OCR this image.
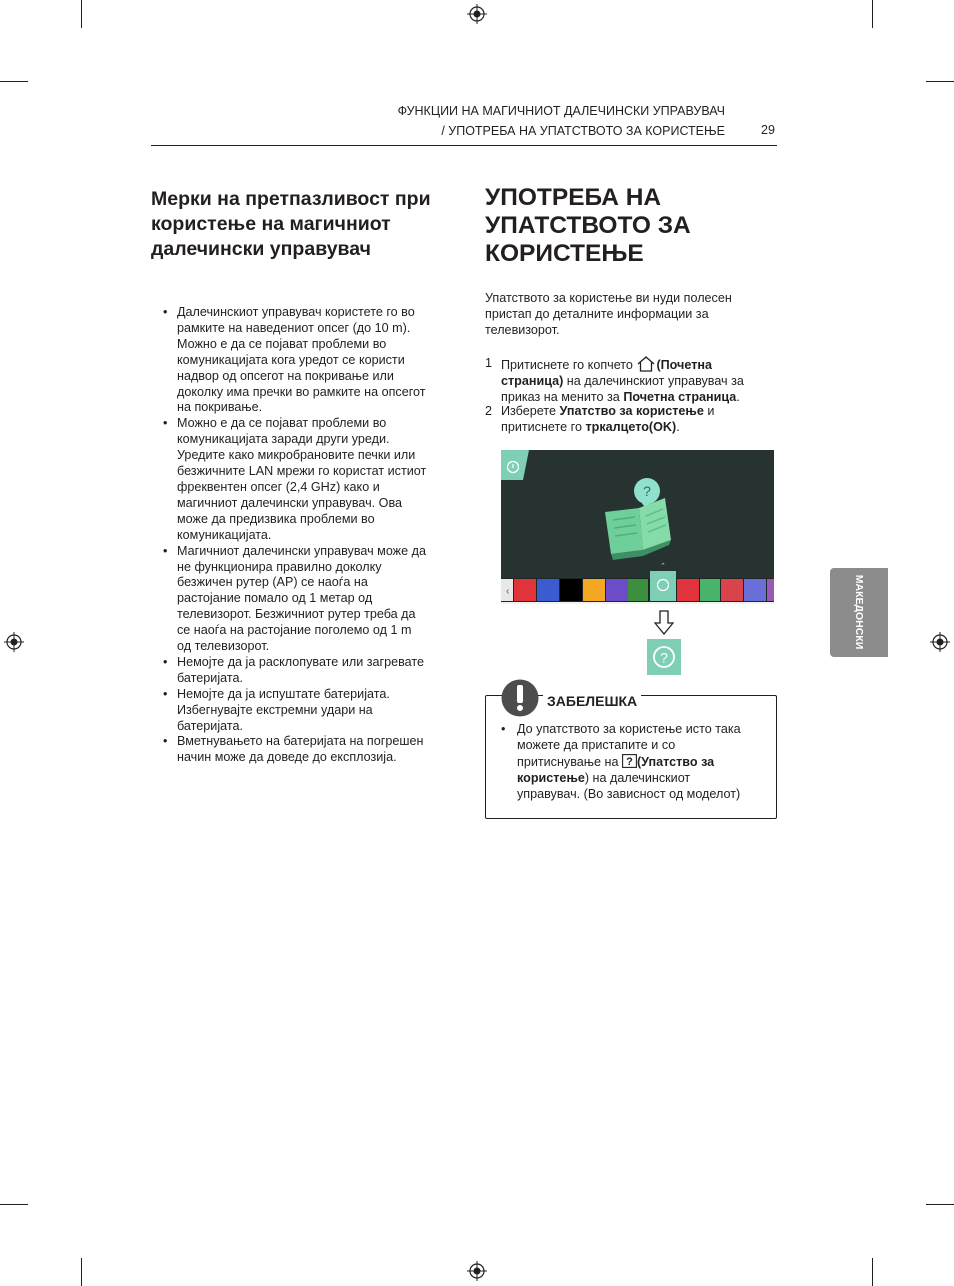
ФУНКЦИИ НА МАГИЧНИОТ ДАЛЕЧИНСКИ УПРАВУВАЧ
/ УПОТРЕБА НА УПАТСТВОТО ЗА КОРИСТЕЊЕ	29
Мерки на претпазливост при користење на магичниот далечински управувач
• Далечинскиот управувач користете го во рамките на наведениот опсег (до 10 m). Можно е да се појават проблеми во комуникацијата кога уредот се користи надвор од опсегот на покривање или доколку има пречки во рамките на опсегот на покривање.
• Можно е да се појават проблеми во комуникацијата заради други уреди. Уредите како микробрановите печки или безжичните LAN мрежи го користат истиот фреквентен опсег (2,4 GHz) како и магичниот далечински управувач. Ова може да предизвика проблеми во комуникацијата.
• Магичниот далечински управувач може да не функционира правилно доколку безжичен рутер (AP) се наоѓа на растојание помало од 1 метар од телевизорот. Безжичниот рутер треба да се наоѓа на растојание поголемо од 1 m од телевизорот.
• Немојте да ја расклопувате или загревате батеријата.
• Немојте да ја испуштате батеријата. Избегнувајте екстремни удари на батеријата.
• Вметнувањето на батеријата на погрешен начин може да доведе до експлозија.
УПОТРЕБА НА УПАТСТВОТО ЗА КОРИСТЕЊЕ
Упатството за користење ви нуди полесен пристап до деталните информации за телевизорот.
1 Притиснете го копчето (Почетна страница) на далечинскиот управувач за приказ на менито за Почетна страница.
2 Изберете Упатство за користење и притиснете го тркалцето(OK).
?
‹
ˆ
?
ЗАБЕЛЕШКА
• До упатството за користење исто така можете да пристапите и со притиснување на ? (Упатство за користење) на далечинскиот управувач. (Во зависност од моделот)
МАКЕДОНСКИ
